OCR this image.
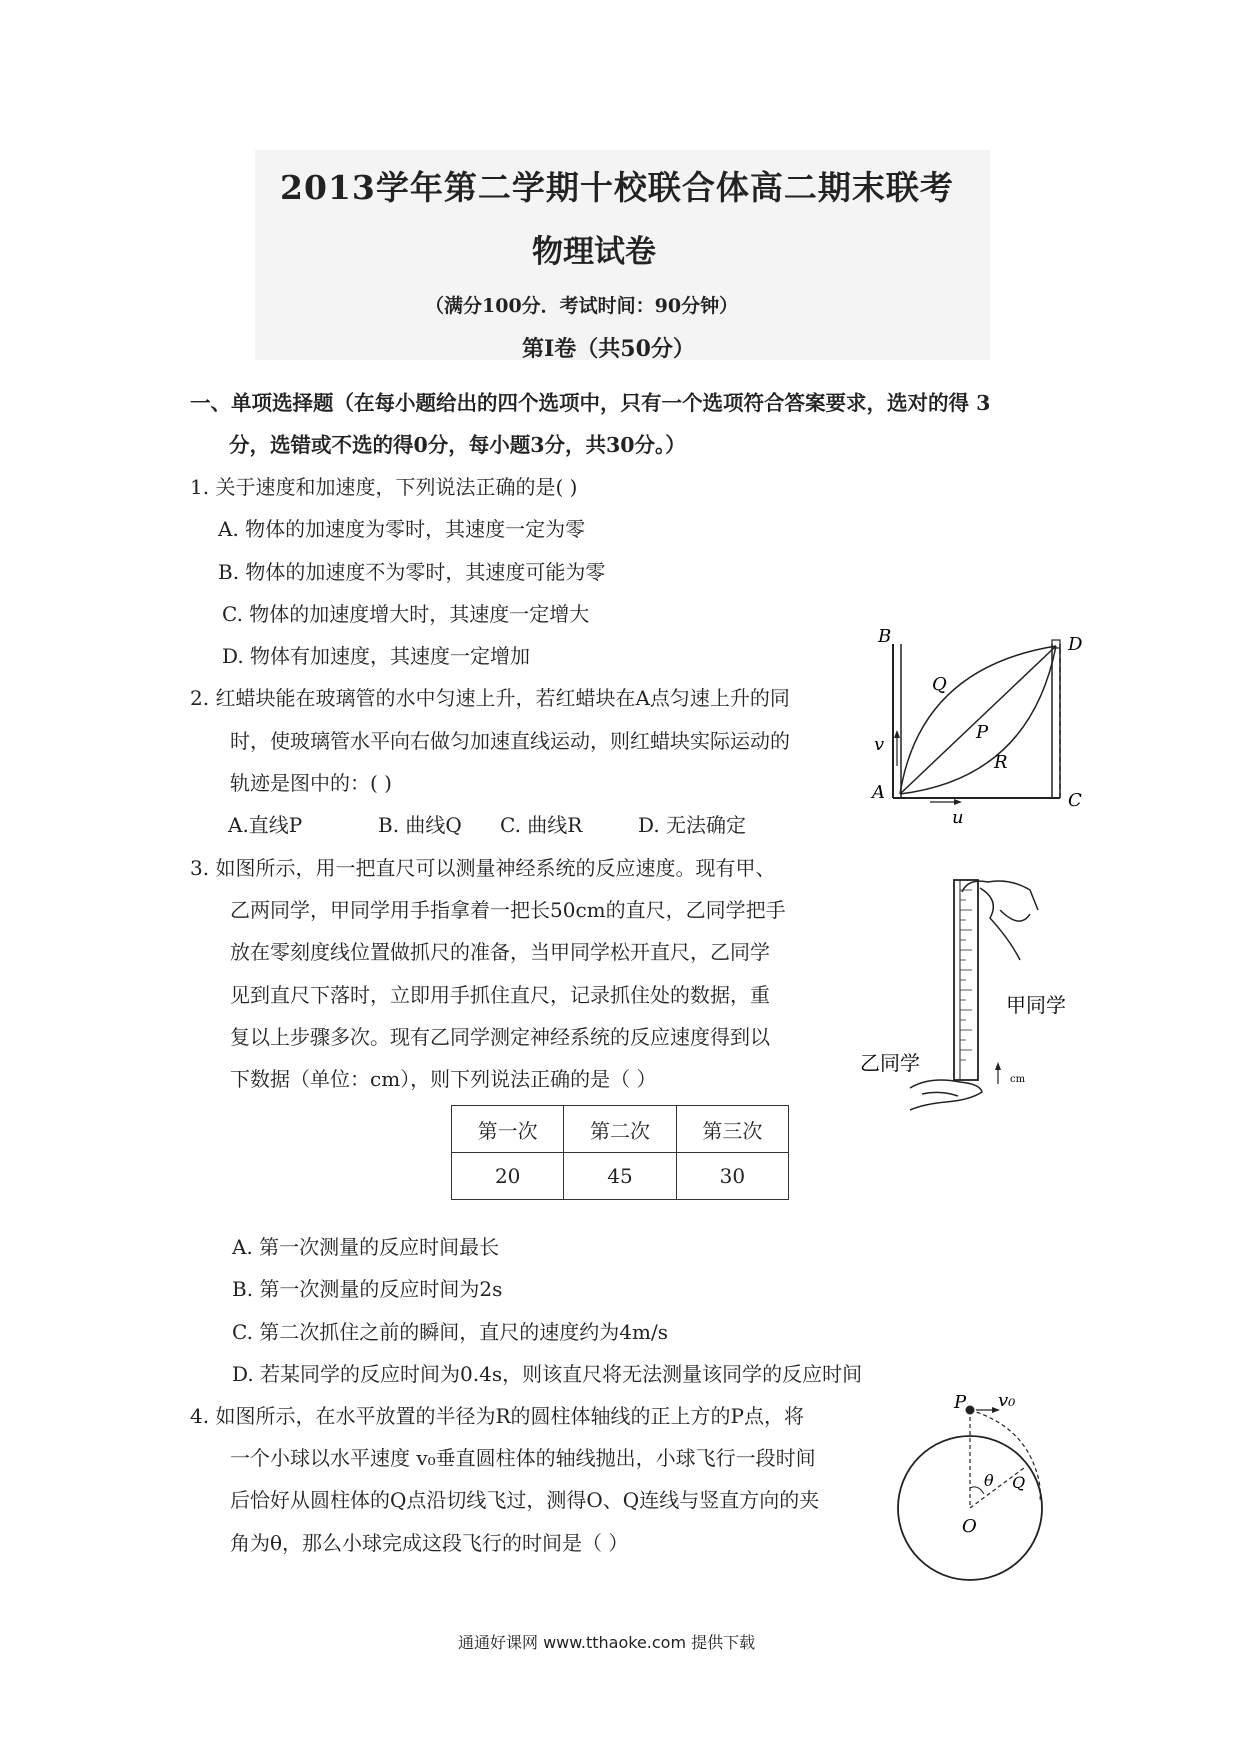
2013学年第二学期十校联合体高二期末联考
物理试卷
（满分100分．考试时间：90分钟）
第Ⅰ卷（共50分）
一、单项选择题（在每小题给出的四个选项中，只有一个选项符合答案要求，选对的得 3
分，选错或不选的得0分，每小题3分，共30分。）
1. 关于速度和加速度，下列说法正确的是( )
A. 物体的加速度为零时，其速度一定为零
B. 物体的加速度不为零时，其速度可能为零
C. 物体的加速度增大时，其速度一定增大
D. 物体有加速度，其速度一定增加
2. 红蜡块能在玻璃管的水中匀速上升，若红蜡块在A点匀速上升的同
时，使玻璃管水平向右做匀加速直线运动，则红蜡块实际运动的
轨迹是图中的：( )
A.直线P	B. 曲线Q C. 曲线R	D. 无法确定
B	D
Q
P
R
v
A
u
C
3. 如图所示，用一把直尺可以测量神经系统的反应速度。现有甲、
乙两同学，甲同学用手指拿着一把长50cm的直尺，乙同学把手
放在零刻度线位置做抓尺的准备，当甲同学松开直尺，乙同学
见到直尺下落时，立即用手抓住直尺，记录抓住处的数据，重
复以上步骤多次。现有乙同学测定神经系统的反应速度得到以
下数据（单位：cm），则下列说法正确的是（ ）
第一次	第二次	第三次
20	45	30
A. 第一次测量的反应时间最长
B. 第一次测量的反应时间为2s
C. 第二次抓住之前的瞬间，直尺的速度约为4m/s
D. 若某同学的反应时间为0.4s，则该直尺将无法测量该同学的反应时间
cm
甲同学
乙同学
4. 如图所示，在水平放置的半径为R的圆柱体轴线的正上方的P点，将
一个小球以水平速度 v₀垂直圆柱体的轴线抛出，小球飞行一段时间
后恰好从圆柱体的Q点沿切线飞过，测得O、Q连线与竖直方向的夹
角为θ，那么小球完成这段飞行的时间是（ ）
P v₀
θ Q
O
通通好课网 www.tthaoke.com 提供下载
